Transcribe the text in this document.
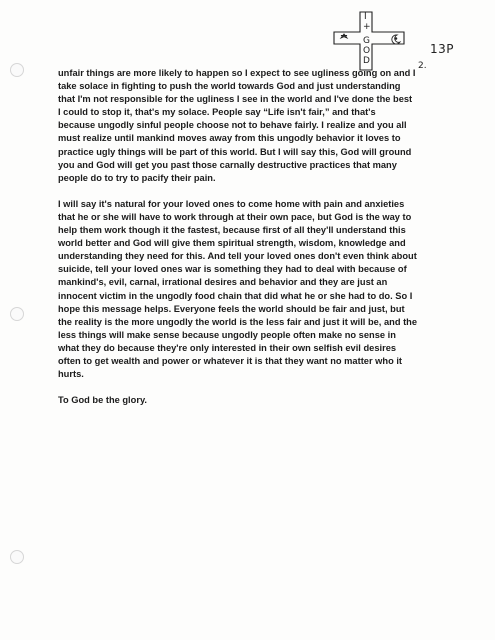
I
+
G
O
D
13P
2.

unfair things are more likely to happen so I expect to see ugliness going on and I
take solace in fighting to push the world towards God and just understanding
that I'm not responsible for the ugliness I see in the world and I've done the best
I could to stop it, that's my solace. People say “Life isn't fair,” and that's
because ungodly sinful people choose not to behave fairly. I realize and you all
must realize until mankind moves away from this ungodly behavior it loves to
practice ugly things will be part of this world. But I will say this, God will ground
you and God will get you past those carnally destructive practices that many
people do to try to pacify their pain.

I will say it's natural for your loved ones to come home with pain and anxieties
that he or she will have to work through at their own pace, but God is the way to
help them work though it the fastest, because first of all they'll understand this
world better and God will give them spiritual strength, wisdom, knowledge and
understanding they need for this. And tell your loved ones don't even think about
suicide, tell your loved ones war is something they had to deal with because of
mankind's, evil, carnal, irrational desires and behavior and they are just an
innocent victim in the ungodly food chain that did what he or she had to do. So I
hope this message helps. Everyone feels the world should be fair and just, but
the reality is the more ungodly the world is the less fair and just it will be, and the
less things will make sense because ungodly people often make no sense in
what they do because they're only interested in their own selfish evil desires
often to get wealth and power or whatever it is that they want no matter who it
hurts.

To God be the glory.
